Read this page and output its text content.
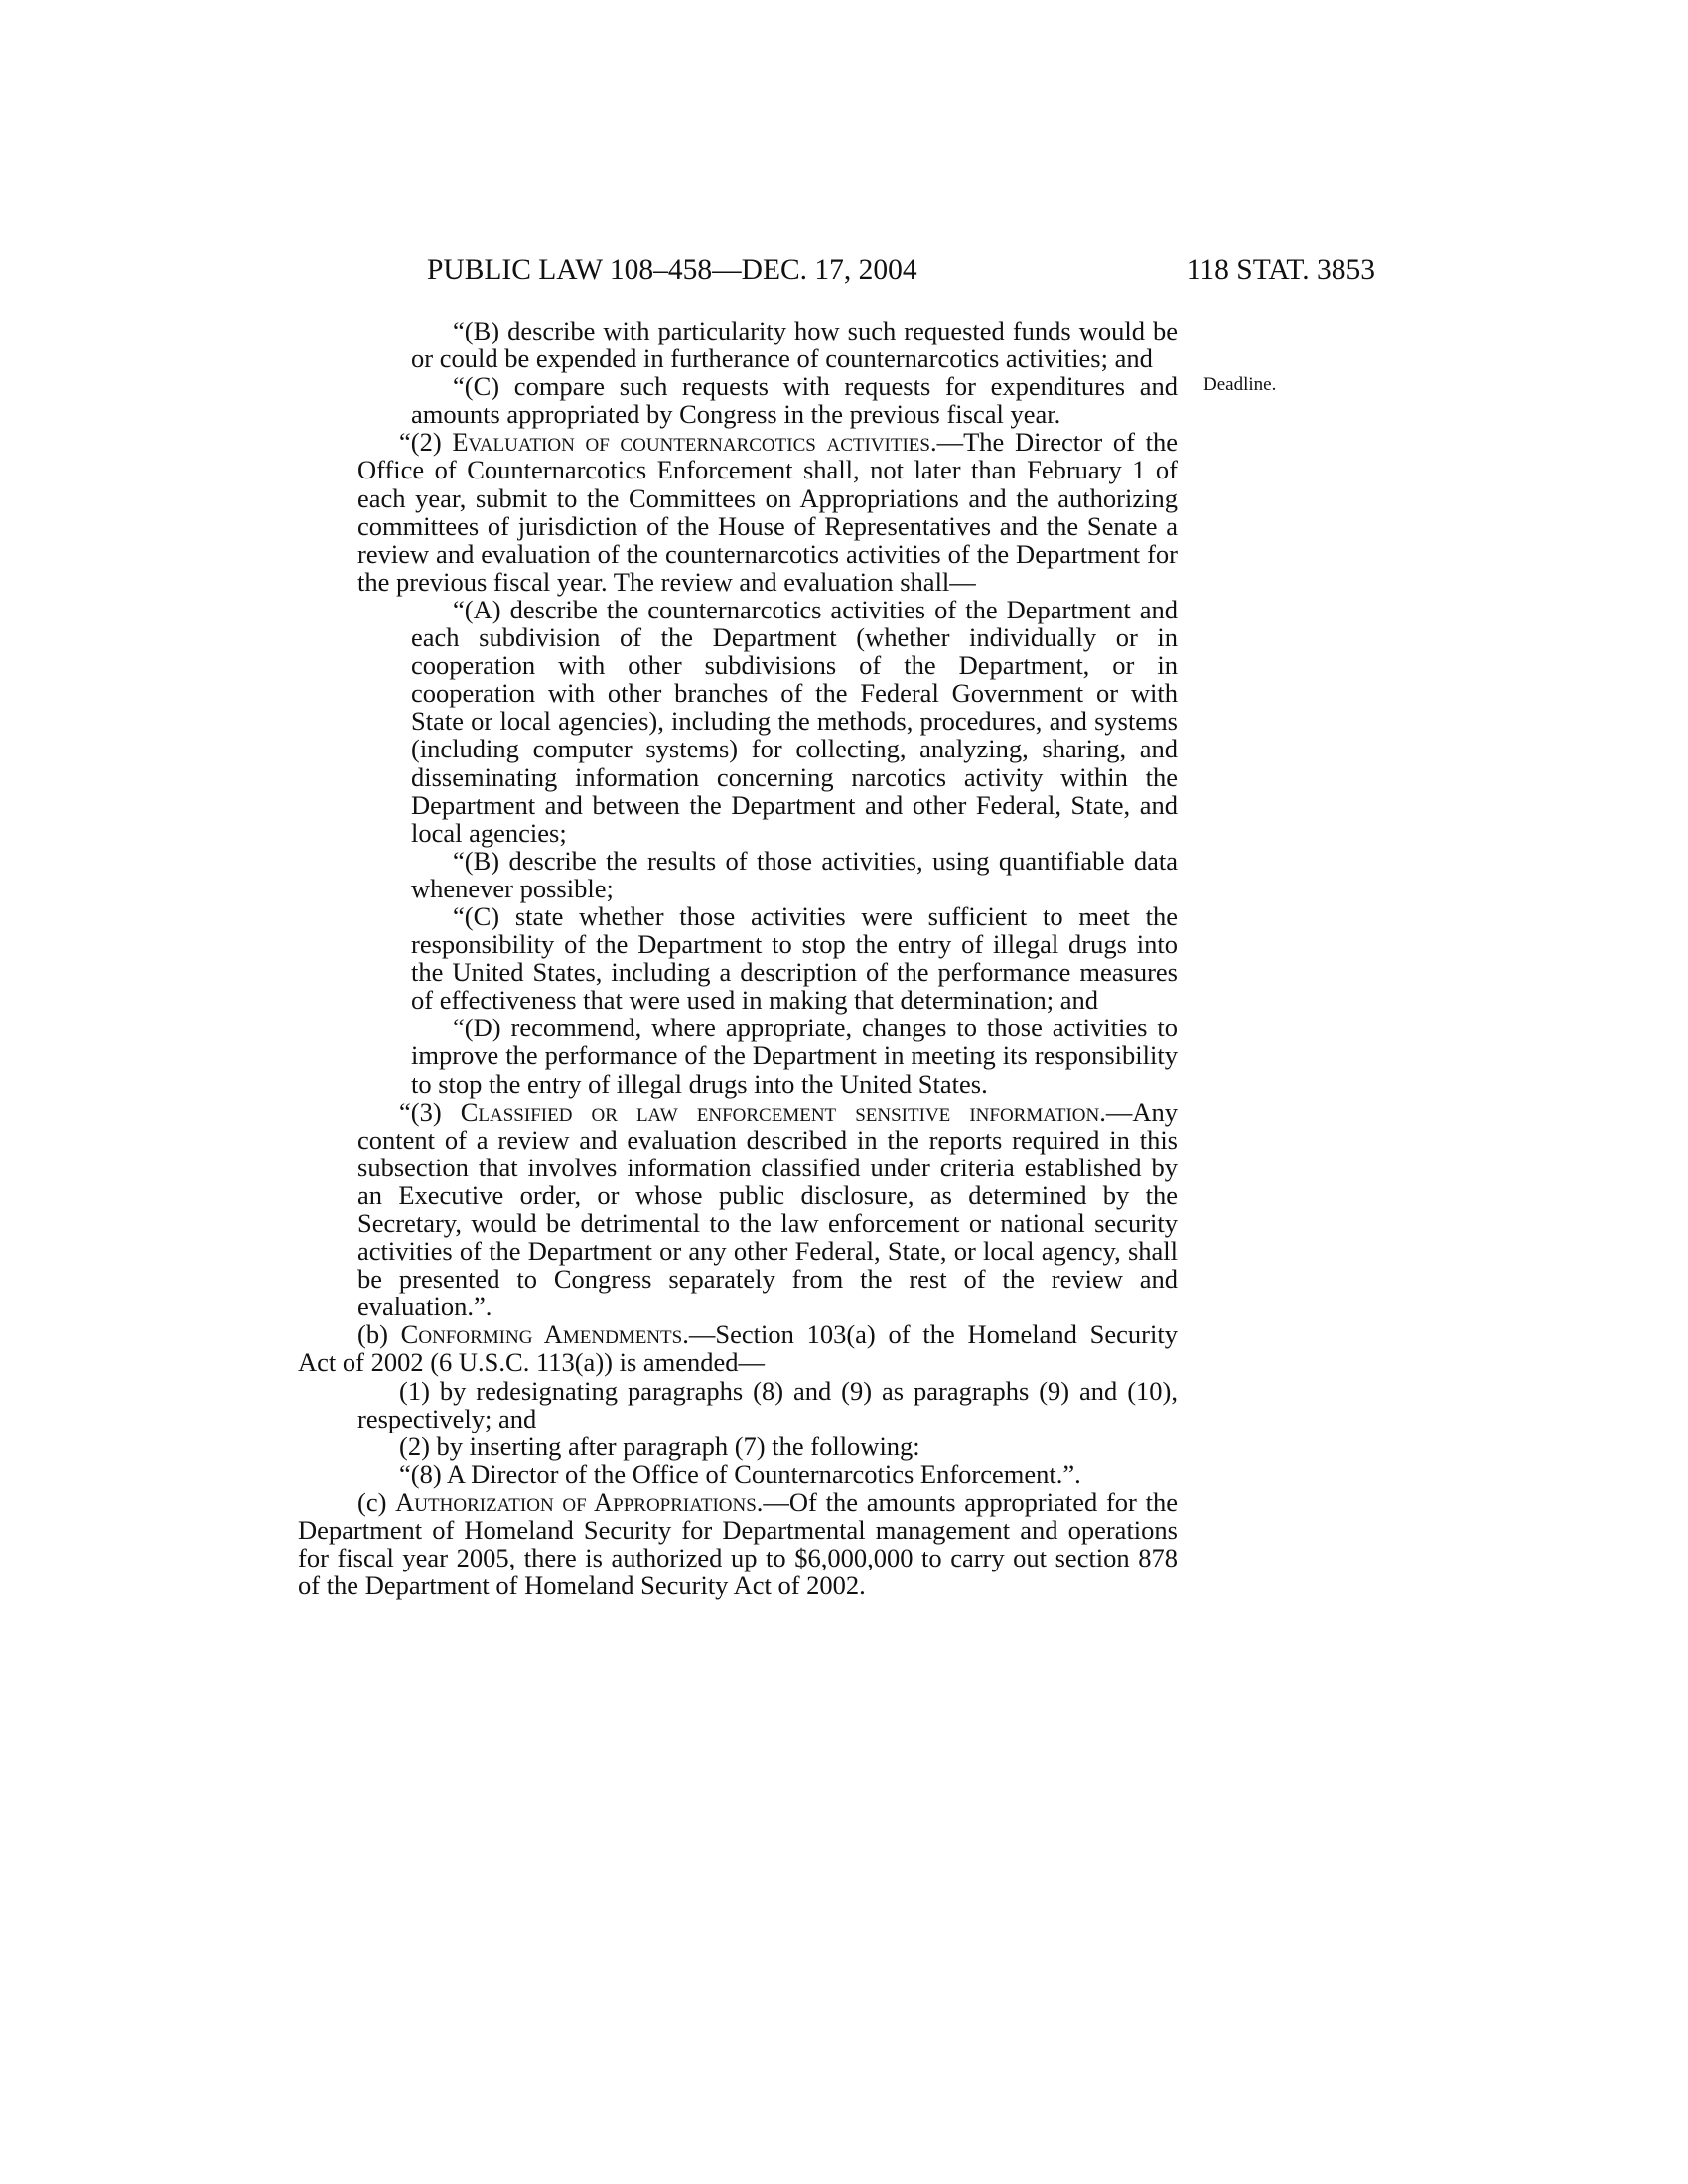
PUBLIC LAW 108–458—DEC. 17, 2004	118 STAT. 3853
Deadline.

“(B) describe with particularity how such requested funds would be or could be expended in furtherance of counternarcotics activities; and

“(C) compare such requests with requests for expenditures and amounts appropriated by Congress in the previous fiscal year.

“(2) Evaluation of counternarcotics activities.—The Director of the Office of Counternarcotics Enforcement shall, not later than February 1 of each year, submit to the Committees on Appropriations and the authorizing committees of jurisdiction of the House of Representatives and the Senate a review and evaluation of the counternarcotics activities of the Department for the previous fiscal year. The review and evaluation shall—

“(A) describe the counternarcotics activities of the Department and each subdivision of the Department (whether individually or in cooperation with other subdivisions of the Department, or in cooperation with other branches of the Federal Government or with State or local agencies), including the methods, procedures, and systems (including computer systems) for collecting, analyzing, sharing, and disseminating information concerning narcotics activity within the Department and between the Department and other Federal, State, and local agencies;

“(B) describe the results of those activities, using quantifiable data whenever possible;

“(C) state whether those activities were sufficient to meet the responsibility of the Department to stop the entry of illegal drugs into the United States, including a description of the performance measures of effectiveness that were used in making that determination; and

“(D) recommend, where appropriate, changes to those activities to improve the performance of the Department in meeting its responsibility to stop the entry of illegal drugs into the United States.

“(3) Classified or law enforcement sensitive information.—Any content of a review and evaluation described in the reports required in this subsection that involves information classified under criteria established by an Executive order, or whose public disclosure, as determined by the Secretary, would be detrimental to the law enforcement or national security activities of the Department or any other Federal, State, or local agency, shall be presented to Congress separately from the rest of the review and evaluation.”.

(b) Conforming Amendments.—Section 103(a) of the Homeland Security Act of 2002 (6 U.S.C. 113(a)) is amended—

(1) by redesignating paragraphs (8) and (9) as paragraphs (9) and (10), respectively; and

(2) by inserting after paragraph (7) the following:

“(8) A Director of the Office of Counternarcotics Enforcement.”.

(c) Authorization of Appropriations.—Of the amounts appropriated for the Department of Homeland Security for Departmental management and operations for fiscal year 2005, there is authorized up to $6,000,000 to carry out section 878 of the Department of Homeland Security Act of 2002.
